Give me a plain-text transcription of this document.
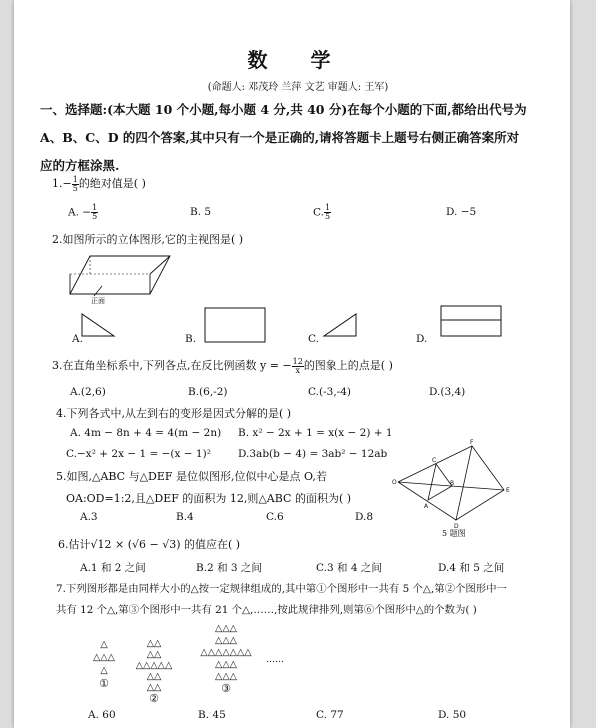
数 学
(命题人: 邓茂玲 兰萍 文艺 审题人: 王军)
一、选择题:(本大题 10 个小题,每小题 4 分,共 40 分)在每个小题的下面,都给出代号为
A、B、C、D 的四个答案,其中只有一个是正确的,请将答题卡上题号右侧正确答案所对
应的方框涂黑.
$1.- \frac{1}{5}$ 的绝对值是( )
A. − $\frac{1}{5}$	B. 5	C. $\frac{1}{5}$	D. −5
2.如图所示的立体图形,它的主视图是( )
正面
A.	B.	C.	D.
3.在直角坐标系中,下列各点,在反比例函数 y = − $\frac{12}{x}$ 的图象上的点是( )
A.(2,6)	B.(6,-2)	C.(-3,-4)	D.(3,4)
4.下列各式中,从左到右的变形是因式分解的是( )
A. 4m − 8n + 4 = 4(m − 2n) B. x² − 2x + 1 = x(x − 2) + 1
C.−x² + 2x − 1 = −(x − 1)²	D.3ab(b − 4) = 3ab² − 12ab
5.如图,△ABC 与△DEF 是位似图形,位似中心是点 O,若
OA:OD=1:2,且△DEF 的面积为 12,则△ABC 的面积为( )
A.3	B.4	C.6	D.8
O
C
B
A
F
E
D
5 题图
6.估计√12 × (√6 − √3) 的值应在( )
A.1 和 2 之间	B.2 和 3 之间	C.3 和 4 之间	D.4 和 5 之间
7.下列图形都是由同样大小的△按一定规律组成的,其中第①个图形中一共有 5 个△,第②个图形中一
共有 12 个△,第③个图形中一共有 21 个△,……,按此规律排列,则第⑥个图形中△的个数为( )
△
△△△
△
①
△△
△△
△△△△△
△△
△△
②
△△△
△△△
△△△△△△△
△△△
△△△
③
……
A. 60	B. 45	C. 77	D. 50
